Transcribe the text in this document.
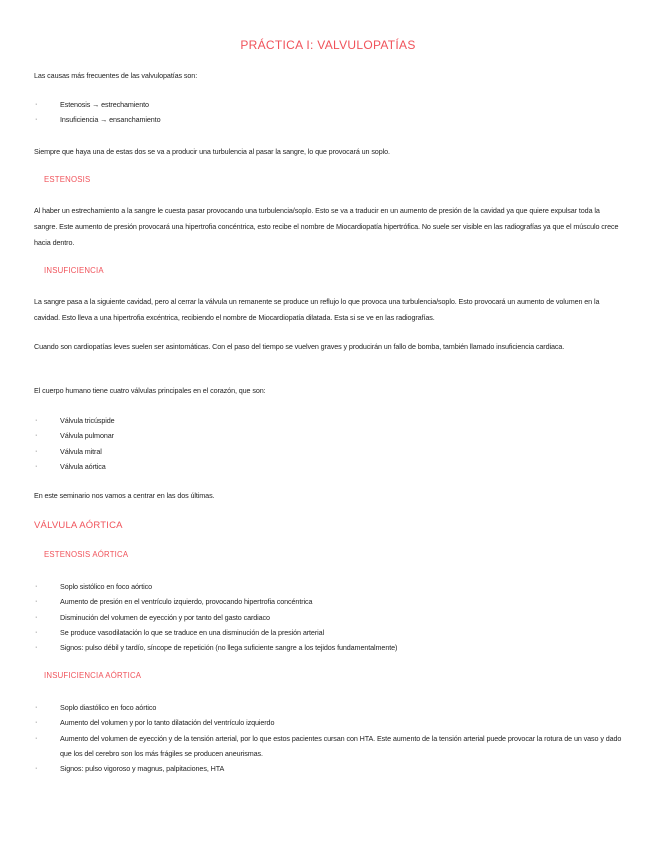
PRÁCTICA I: VALVULOPATÍAS
Las causas más frecuentes de las valvulopatías son:
·	Estenosis → estrechamiento
·	Insuficiencia → ensanchamiento
Siempre que haya una de estas dos se va a producir una turbulencia al pasar la sangre, lo que provocará un soplo.
ESTENOSIS
Al haber un estrechamiento a la sangre le cuesta pasar provocando una turbulencia/soplo. Esto se va a traducir en un aumento de presión de la cavidad ya que quiere expulsar toda la sangre. Este aumento de presión provocará una hipertrofia concéntrica, esto recibe el nombre de Miocardiopatía hipertrófica. No suele ser visible en las radiografías ya que el músculo crece hacia dentro.
INSUFICIENCIA
La sangre pasa a la siguiente cavidad, pero al cerrar la válvula un remanente se produce un reflujo lo que provoca una turbulencia/soplo. Esto provocará un aumento de volumen en la cavidad. Esto lleva a una hipertrofia excéntrica, recibiendo el nombre de Miocardiopatía dilatada. Esta si se ve en las radiografías.
Cuando son cardiopatías leves suelen ser asintomáticas. Con el paso del tiempo se vuelven graves y producirán un fallo de bomba, también llamado insuficiencia cardiaca.
El cuerpo humano tiene cuatro válvulas principales en el corazón, que son:
·	Válvula tricúspide
·	Válvula pulmonar
·	Válvula mitral
·	Válvula aórtica
En este seminario nos vamos a centrar en las dos últimas.
VÁLVULA AÓRTICA
ESTENOSIS AÓRTICA
·	Soplo sistólico en foco aórtico
·	Aumento de presión en el ventrículo izquierdo, provocando hipertrofia concéntrica
·	Disminución del volumen de eyección y por tanto del gasto cardiaco
·	Se produce vasodilatación lo que se traduce en una disminución de la presión arterial
·	Signos: pulso débil y tardío, síncope de repetición (no llega suficiente sangre a los tejidos fundamentalmente)
INSUFICIENCIA AÓRTICA
·	Soplo diastólico en foco aórtico
·	Aumento del volumen y por lo tanto dilatación del ventrículo izquierdo
·	Aumento del volumen de eyección y de la tensión arterial, por lo que estos pacientes cursan con HTA. Este aumento de la tensión arterial puede provocar la rotura de un vaso y dado que los del cerebro son los más frágiles se producen aneurismas.
·	Signos: pulso vigoroso y magnus, palpitaciones, HTA
